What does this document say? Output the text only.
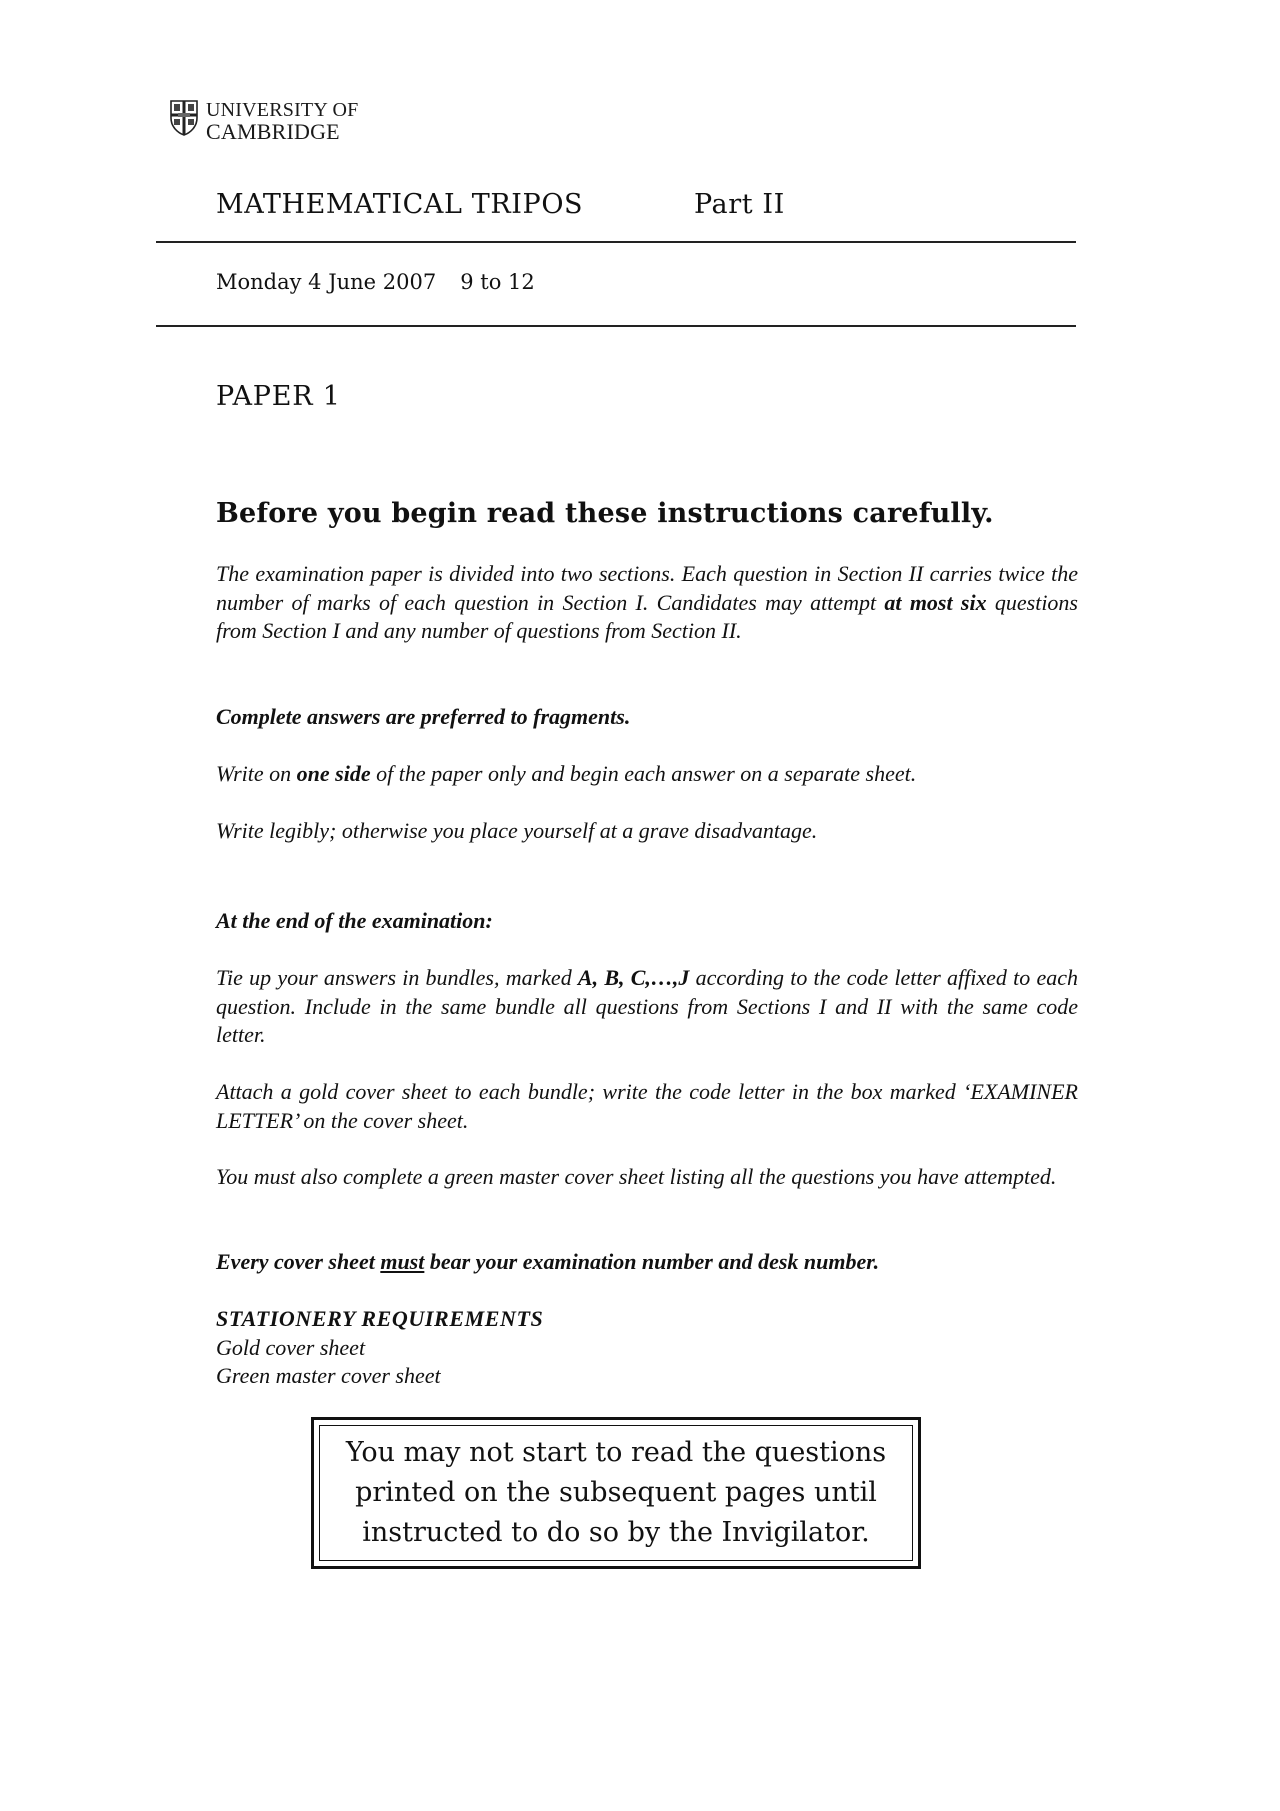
UNIVERSITY OF
CAMBRIDGE
MATHEMATICAL TRIPOS	Part II
Monday 4 June 2007 9 to 12
PAPER 1
Before you begin read these instructions carefully.
The examination paper is divided into two sections. Each question in Section II carries twice the number of marks of each question in Section I. Candidates may attempt at most six questions from Section I and any number of questions from Section II.
Complete answers are preferred to fragments.
Write on one side of the paper only and begin each answer on a separate sheet.
Write legibly; otherwise you place yourself at a grave disadvantage.
At the end of the examination:
Tie up your answers in bundles, marked A, B, C,…,J according to the code letter affixed to each question. Include in the same bundle all questions from Sections I and II with the same code letter.
Attach a gold cover sheet to each bundle; write the code letter in the box marked ‘EXAMINER LETTER’ on the cover sheet.
You must also complete a green master cover sheet listing all the questions you have attempted.
Every cover sheet must bear your examination number and desk number.
STATIONERY REQUIREMENTS
Gold cover sheet
Green master cover sheet
You may not start to read the questions
printed on the subsequent pages until
instructed to do so by the Invigilator.
